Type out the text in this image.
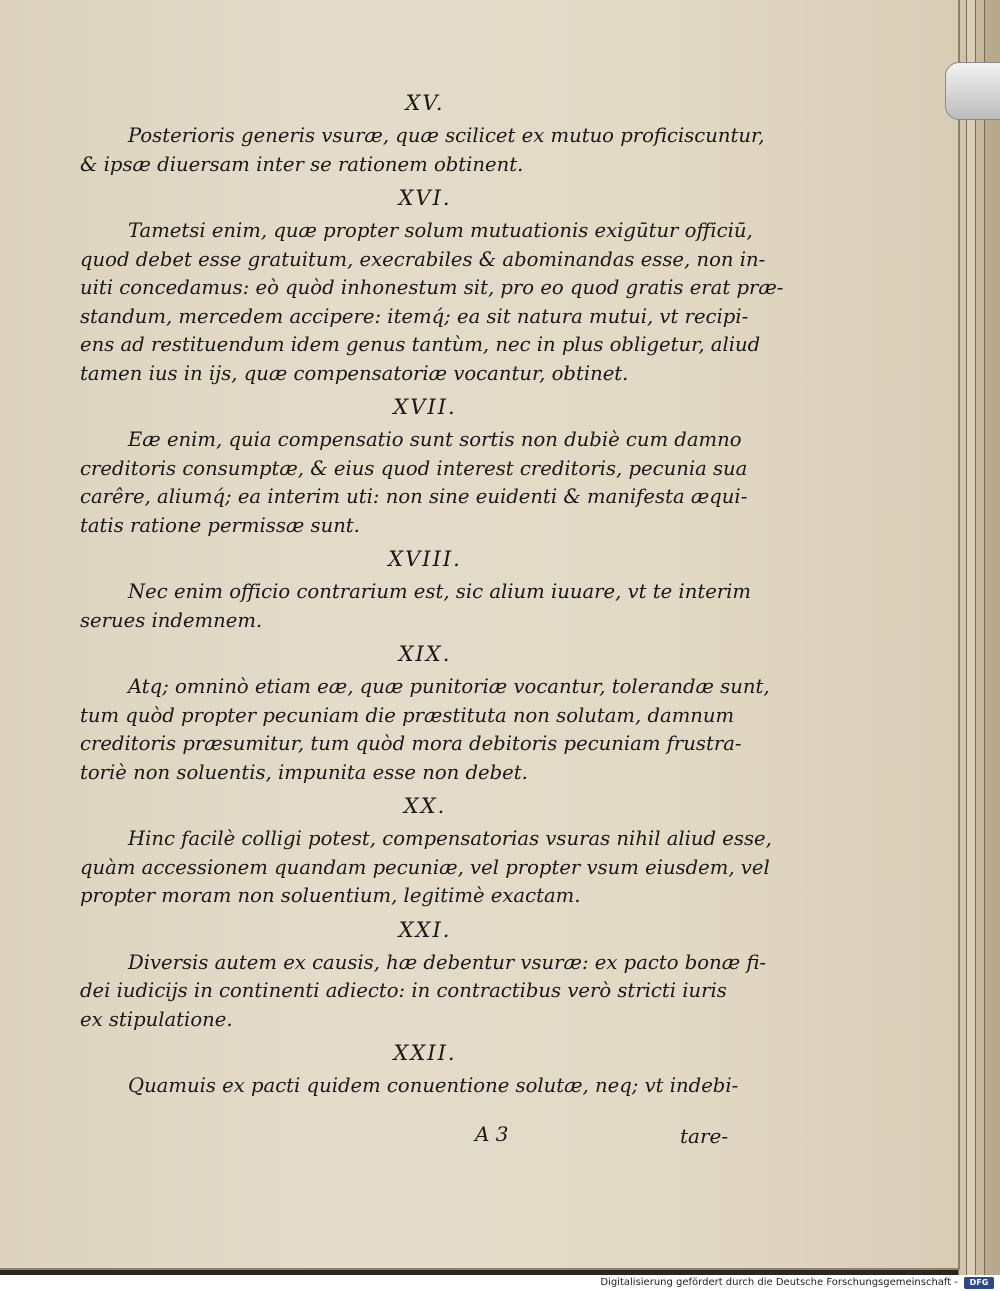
XV.
Posterioris generis vsuræ, quæ scilicet ex mutuo proficiscuntur,
& ipsæ diuersam inter se rationem obtinent.
XVI.
Tametsi enim, quæ propter solum mutuationis exigūtur officiū,
quod debet esse gratuitum, execrabiles & abominandas esse, non in-
uiti concedamus: eò quòd inhonestum sit, pro eo quod gratis erat præ-
standum, mercedem accipere: itemq́; ea sit natura mutui, vt recipi-
ens ad restituendum idem genus tantùm, nec in plus obligetur, aliud
tamen ius in ijs, quæ compensatoriæ vocantur, obtinet.
XVII.
Eæ enim, quia compensatio sunt sortis non dubiè cum damno
creditoris consumptæ, & eius quod interest creditoris, pecunia sua
carêre, aliumq́; ea interim uti: non sine euidenti & manifesta æqui-
tatis ratione permissæ sunt.
XVIII.
Nec enim officio contrarium est, sic alium iuuare, vt te interim
serues indemnem.
XIX.
Atq; omninò etiam eæ, quæ punitoriæ vocantur, tolerandæ sunt,
tum quòd propter pecuniam die præstituta non solutam, damnum
creditoris præsumitur, tum quòd mora debitoris pecuniam frustra-
toriè non soluentis, impunita esse non debet.
XX.
Hinc facilè colligi potest, compensatorias vsuras nihil aliud esse,
quàm accessionem quandam pecuniæ, vel propter vsum eiusdem, vel
propter moram non soluentium, legitimè exactam.
XXI.
Diversis autem ex causis, hæ debentur vsuræ: ex pacto bonæ fi-
dei iudicijs in continenti adiecto: in contractibus verò stricti iuris
ex stipulatione.
XXII.
Quamuis ex pacti quidem conuentione solutæ, neq; vt indebi-
A 3	tare-
Digitalisierung gefördert durch die Deutsche Forschungsgemeinschaft -	DFG
